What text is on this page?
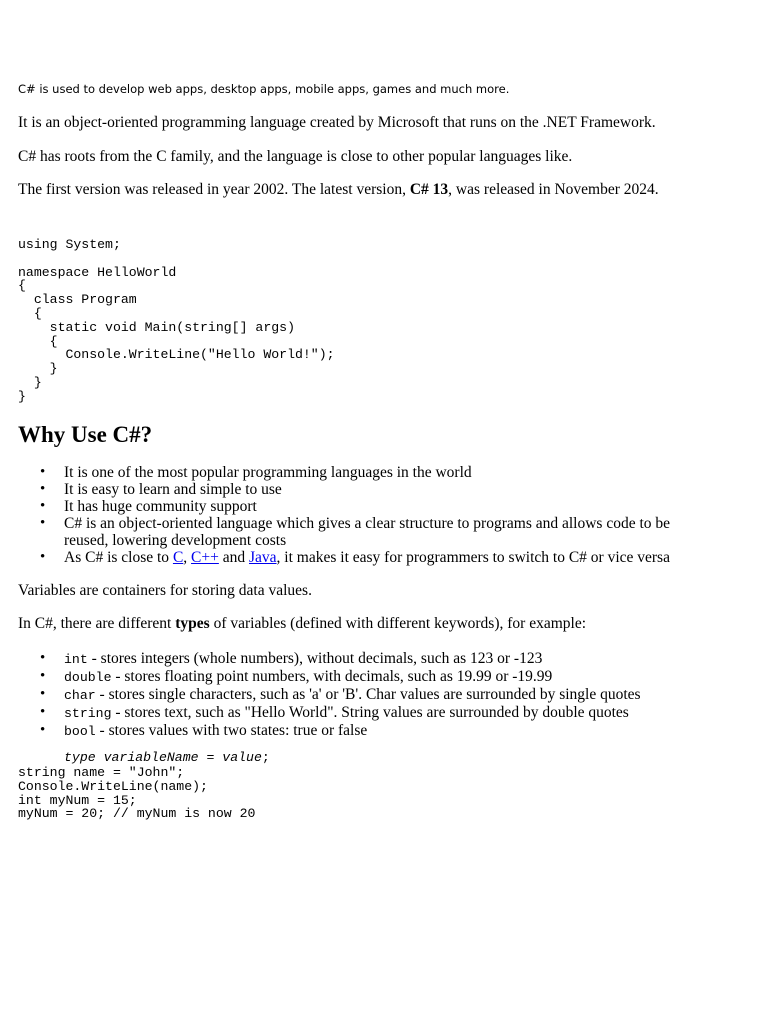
C# is used to develop web apps, desktop apps, mobile apps, games and much more.

It is an object-oriented programming language created by Microsoft that runs on the .NET Framework.

C# has roots from the C family, and the language is close to other popular languages like.

The first version was released in year 2002. The latest version, C# 13, was released in November 2024.

using System;

namespace HelloWorld
{
class Program
{
static void Main(string[] args)
{
Console.WriteLine("Hello World!");
}
}
}
Why Use C#?
• It is one of the most popular programming languages in the world
• It is easy to learn and simple to use
• It has huge community support
• C# is an object-oriented language which gives a clear structure to programs and allows code to be reused, lowering development costs
• As C# is close to C, C++ and Java, it makes it easy for programmers to switch to C# or vice versa

Variables are containers for storing data values.

In C#, there are different types of variables (defined with different keywords), for example:

• int - stores integers (whole numbers), without decimals, such as 123 or -123
• double - stores floating point numbers, with decimals, such as 19.99 or -19.99
• char - stores single characters, such as 'a' or 'B'. Char values are surrounded by single quotes
• string - stores text, such as "Hello World". String values are surrounded by double quotes
• bool - stores values with two states: true or false
type variableName = value;
string name = "John";
Console.WriteLine(name);
int myNum = 15;
myNum = 20; // myNum is now 20
